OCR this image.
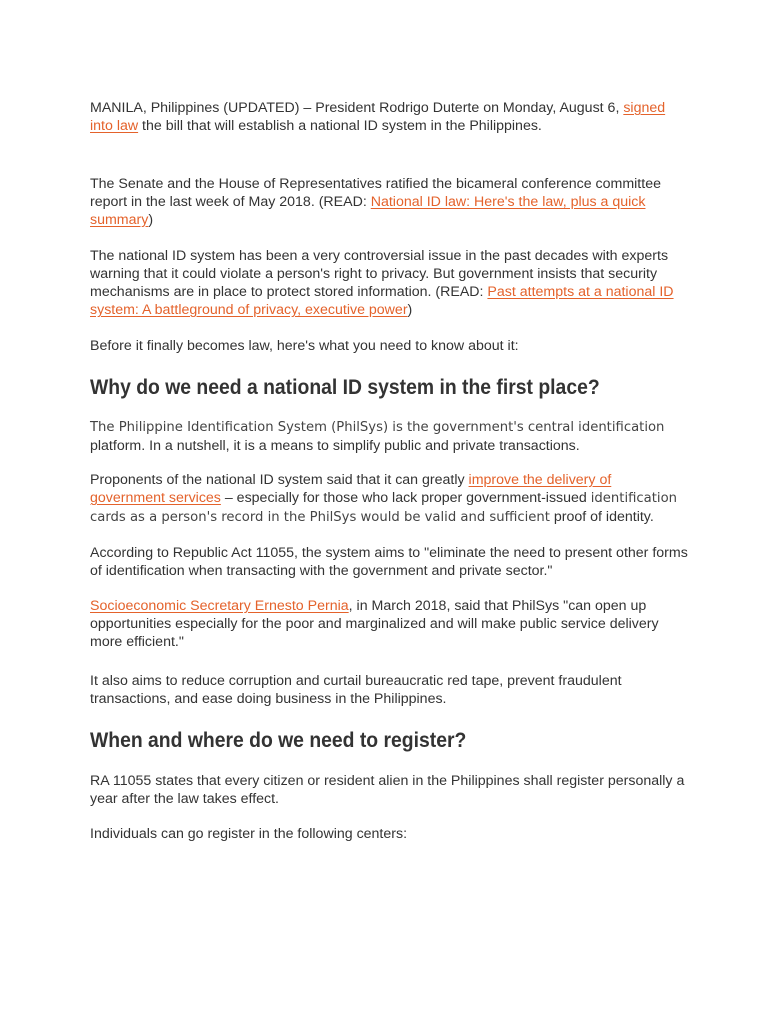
MANILA, Philippines (UPDATED) – President Rodrigo Duterte on Monday, August 6, signed into law the bill that will establish a national ID system in the Philippines.

The Senate and the House of Representatives ratified the bicameral conference committee report in the last week of May 2018. (READ: National ID law: Here's the law, plus a quick summary)

The national ID system has been a very controversial issue in the past decades with experts warning that it could violate a person's right to privacy. But government insists that security mechanisms are in place to protect stored information. (READ: Past attempts at a national ID system: A battleground of privacy, executive power)

Before it finally becomes law, here's what you need to know about it:

Why do we need a national ID system in the first place?

The Philippine Identification System (PhilSys) is the government's central identification platform. In a nutshell, it is a means to simplify public and private transactions.

Proponents of the national ID system said that it can greatly improve the delivery of government services – especially for those who lack proper government-issued identification cards as a person's record in the PhilSys would be valid and sufficient proof of identity.

According to Republic Act 11055, the system aims to "eliminate the need to present other forms of identification when transacting with the government and private sector."

Socioeconomic Secretary Ernesto Pernia, in March 2018, said that PhilSys "can open up opportunities especially for the poor and marginalized and will make public service delivery more efficient."

It also aims to reduce corruption and curtail bureaucratic red tape, prevent fraudulent transactions, and ease doing business in the Philippines.

When and where do we need to register?

RA 11055 states that every citizen or resident alien in the Philippines shall register personally a year after the law takes effect.

Individuals can go register in the following centers:
